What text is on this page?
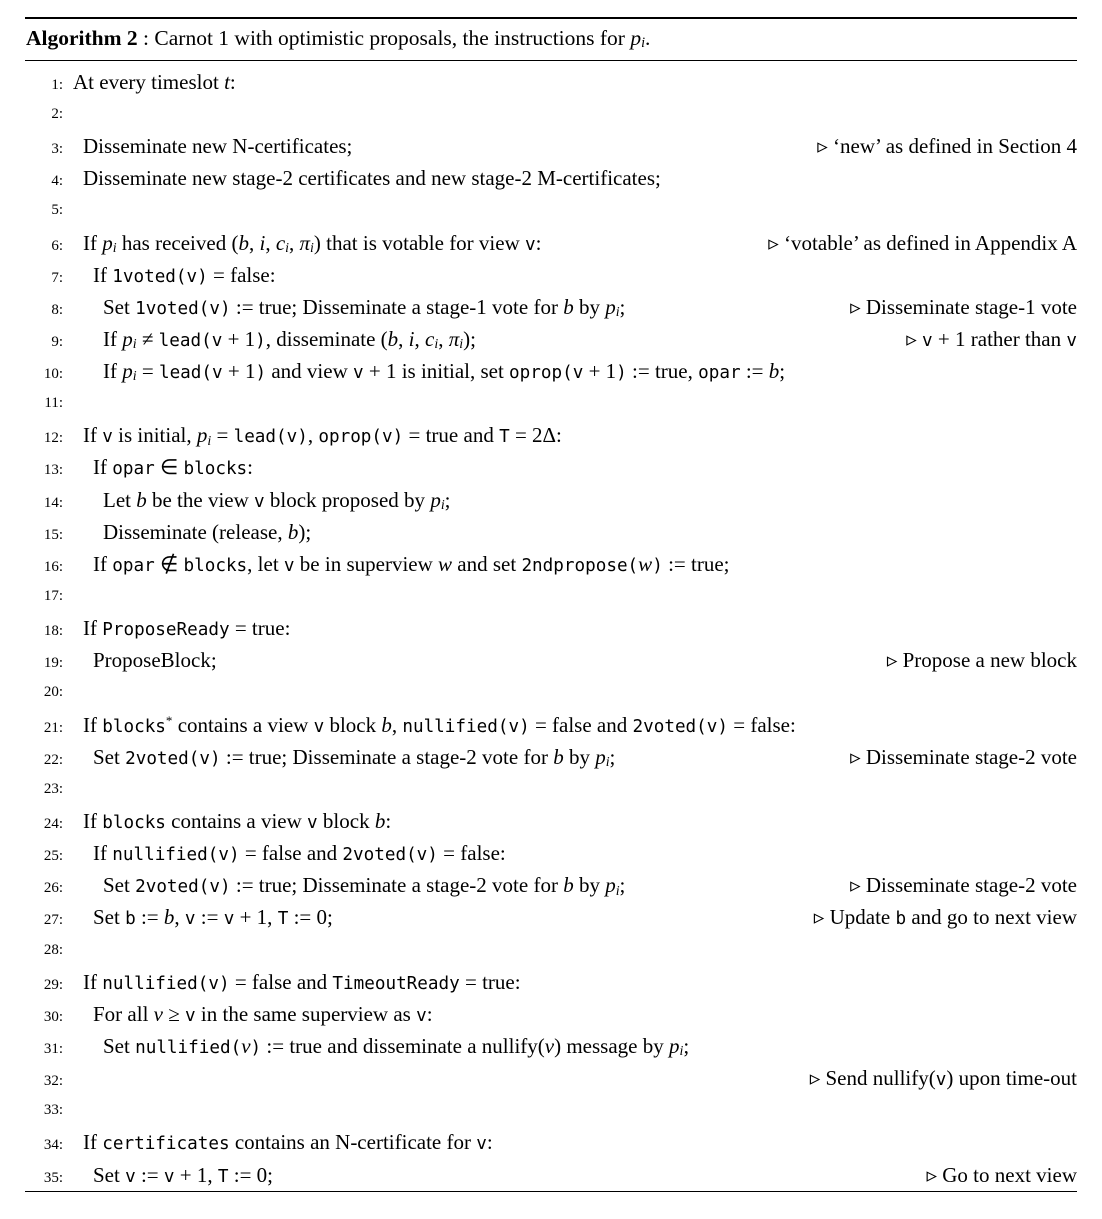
Algorithm 2 : Carnot 1 with optimistic proposals, the instructions for pi.
1: At every timeslot t:
2:
3: Disseminate new N-certificates;	▹ ‘new’ as defined in Section 4
4: Disseminate new stage-2 certificates and new stage-2 M-certificates;
5:
6: If pi has received (b, i, ci, πi) that is votable for view v:	▹ ‘votable’ as defined in Appendix A
7:	If 1voted(v) = false:
8:	Set 1voted(v) := true; Disseminate a stage-1 vote for b by pi;	▹ Disseminate stage-1 vote
9:	If pi ≠ lead(v + 1), disseminate (b, i, ci, πi);	▹ v + 1 rather than v
10:	If pi = lead(v + 1) and view v + 1 is initial, set oprop(v + 1) := true, opar := b;
11:
12: If v is initial, pi = lead(v), oprop(v) = true and T = 2Δ:
13:	If opar ∈ blocks:
14:	Let b be the view v block proposed by pi;
15:	Disseminate (release, b);
16:	If opar ∉ blocks, let v be in superview w and set 2ndpropose(w) := true;
17:
18: If ProposeReady = true:
19:	ProposeBlock;	▹ Propose a new block
20:
21: If blocks* contains a view v block b, nullified(v) = false and 2voted(v) = false:
22:	Set 2voted(v) := true; Disseminate a stage-2 vote for b by pi;	▹ Disseminate stage-2 vote
23:
24: If blocks contains a view v block b:
25:	If nullified(v) = false and 2voted(v) = false:
26:	Set 2voted(v) := true; Disseminate a stage-2 vote for b by pi;	▹ Disseminate stage-2 vote
27:	Set b := b, v := v + 1, T := 0;	▹ Update b and go to next view
28:
29: If nullified(v) = false and TimeoutReady = true:
30:	For all v ≥ v in the same superview as v:
31:	Set nullified(v) := true and disseminate a nullify(v) message by pi;
32:	▹ Send nullify(v) upon time-out
33:
34: If certificates contains an N-certificate for v:
35:	Set v := v + 1, T := 0;	▹ Go to next view
